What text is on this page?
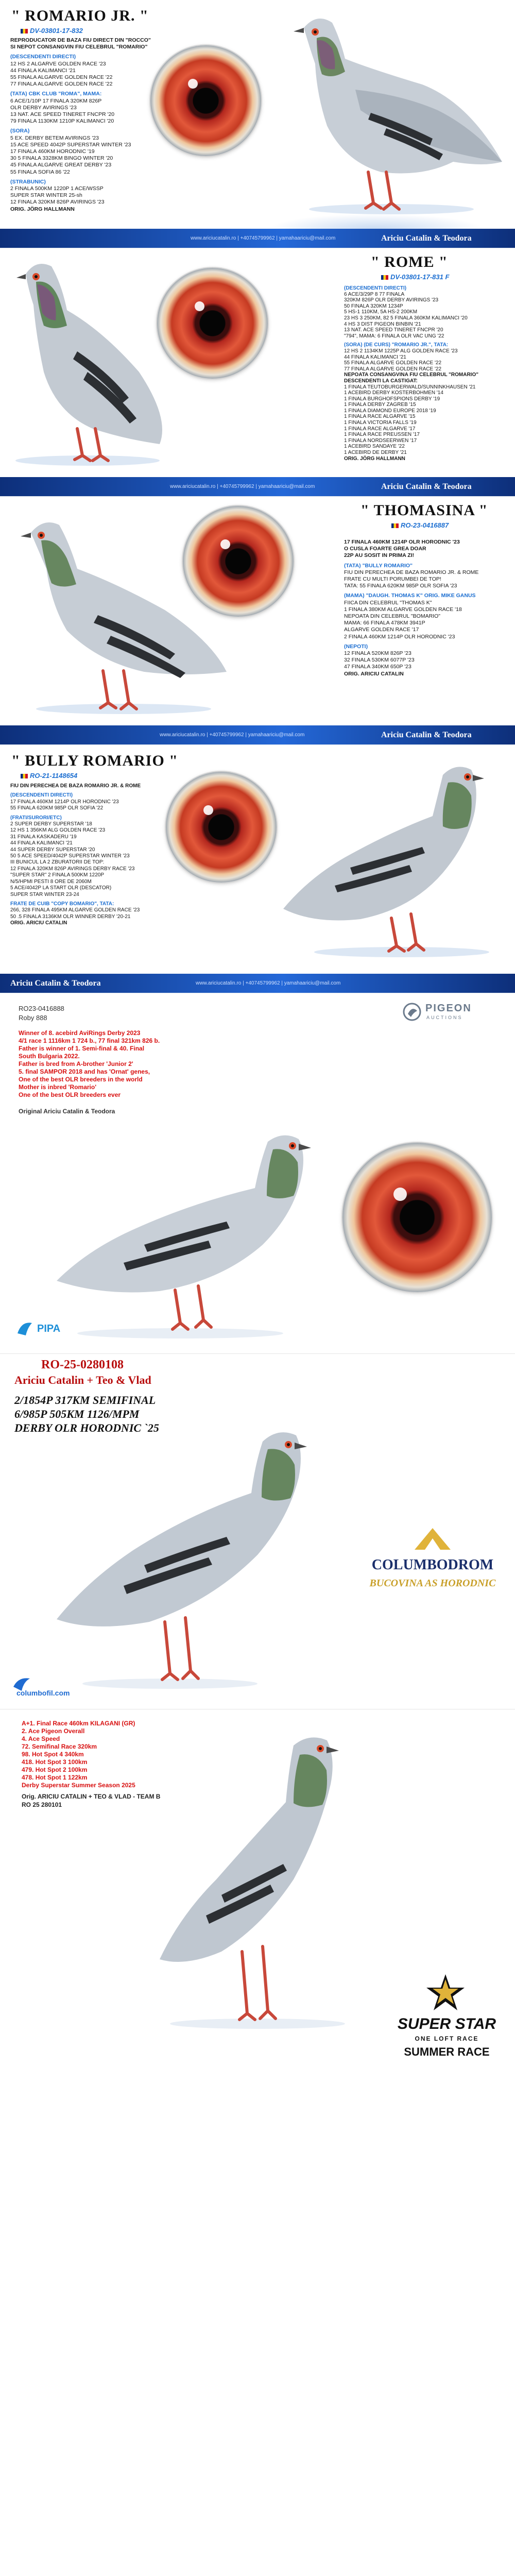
" ROMARIO JR. "
DV-03801-17-832
REPRODUCATOR DE BAZA FIU DIRECT DIN "ROCCO"
SI NEPOT CONSANGVIN FIU CELEBRUL "ROMARIO"
(DESCENDENTI DIRECTI)
12 HS 2 ALGARVE GOLDEN RACE '23
44 FINALA KALIMANCI '21
55 FINALA ALGARVE GOLDEN RACE '22
77 FINALA ALGARVE GOLDEN RACE '22
(TATA) CBK CLUB "ROMA", MAMA:
6 ACE/1/10P 17 FINALA 320KM 826P
OLR DERBY AVIRINGS '23
13 NAT. ACE SPEED TINERET FNCPR '20
79 FINALA 1130KM 1210P KALIMANCI '20
(SORA)
5 EX. DERBY BETEM AVIRINGS '23
15 ACE SPEED 4042P SUPERSTAR WINTER '23
17 FINALA 460KM HORODNIC '19
30 5 FINALA 3328KM BINGO WINTER '20
45 FINALA ALGARVE GREAT DERBY '23
55 FINALA SOFIA 86 '22
(STRABUNIC)
2 FINALA 500KM 1220P 1 ACE/WSSP
SUPER STAR WINTER 25-sh
12 FINALA 320KM 826P AVIRINGS '23
ORIG. JÖRG HALLMANN
www.ariciucatalin.ro | +40745799962 | yamahaariciu@mail.com	Ariciu Catalin & Teodora
" ROME "
DV-03801-17-831 F
(DESCENDENTI DIRECTI)
6 ACE/3/29P 8 77 FINALA
320KM 826P OLR DERBY AVIRINGS '23
50 FINALA 320KM 1234P
5 HS-1 110KM, 5A HS-2 200KM
23 HS 3 250KM, 82 5 FINALA 360KM KALIMANCI '20
4 HS 3 DIST PIGEON BINBIN '21
13 NAT. ACE SPEED TINERET FNCPR '20
"794", MAMA: 6 FINALA OLR VAC UNG '22
(SORA) (DE CURS) "ROMARIO JR.", TATA:
12 HS 2 1134KM 1225P ALG GOLDEN RACE '23
44 FINALA KALIMANCI '21
55 FINALA ALGARVE GOLDEN RACE '22
77 FINALA ALGARVE GOLDEN RACE '22
NEPOATA CONSANGVINA FIU CELEBRUL "ROMARIO"
DESCENDENTI LA CASTIGAT:
1 FINALA TEUTOBURGERWALD/SUNNINKHAUSEN '21
1 ACEBIRD DERBY KOSTERBOHMEN '14
1 FINALA BURGHOFSPIONS DERBY '19
1 FINALA DERBY ZAGREB '15
1 FINALA DIAMOND EUROPE 2018 '19
1 FINALA RACE ALGARVE '15
1 FINALA VICTORIA FALLS '19
1 FINALA RACE ALGARVE '17
1 FINALA RACE PREUSSEN '17
1 FINALA NORDSEERWEN '17
1 ACEBIRD SANDAYE '22
1 ACEBIRD DE DERBY '21
ORIG. JÖRG HALLMANN
www.ariciucatalin.ro | +40745799962 | yamahaariciu@mail.com	Ariciu Catalin & Teodora
" THOMASINA "
RO-23-0416887
17 FINALA 460KM 1214P OLR HORODNIC '23
O CUSLA FOARTE GREA DOAR
22P AU SOSIT IN PRIMA ZI!
(TATA) "BULLY ROMARIO"
FIU DIN PERECHEA DE BAZA ROMARIO JR. & ROME
FRATE CU MULTI PORUMBEI DE TOP!
TATA: 55 FINALA 620KM 985P OLR SOFIA '23
(MAMA) "DAUGH. THOMAS K" ORIG. MIKE GANUS
FIICA DIN CELEBRUL "THOMAS K"
1 FINALA 380KM ALGARVE GOLDEN RACE '18
NEPOATA DIN CELEBRUL "BOMARIO"
MAMA: 66 FINALA 478KM 3941P
ALGARVE GOLDEN RACE '17
2 FINALA 460KM 1214P OLR HORODNIC '23
(NEPOTI)
12 FINALA 520KM 826P '23
32 FINALA 530KM 6077P '23
47 FINALA 340KM 650P '23
ORIG. ARICIU CATALIN
www.ariciucatalin.ro | +40745799962 | yamahaariciu@mail.com	Ariciu Catalin & Teodora
" BULLY ROMARIO "
RO-21-1148654
FIU DIN PERECHEA DE BAZA ROMARIO JR. & ROME
(DESCENDENTI DIRECTI)
17 FINALA 460KM 1214P OLR HORODNIC '23
55 FINALA 620KM 985P OLR SOFIA '22
(FRATI/SURORI/ETC)
2 SUPER DERBY SUPERSTAR '18
12 HS 1 356KM ALG GOLDEN RACE '23
31 FINALA KASKADERU '19
44 FINALA KALIMANCI '21
44 SUPER DERBY SUPERSTAR '20
50 5 ACE SPEED/4042P SUPERSTAR WINTER '23
III BUNICUL LA 2 ZBURATORII DE TOP:
12 FINALA 320KM 826P AVIRINGS DERBY RACE '23
"SUPER STAR" 2 FINALA 500KM 1220P
N/5/HPMI PESTI 8 ORE DE 2060M
5 ACE/4042P LA START OLR (DESCATOR)
SUPER STAR WINTER 23-24
FRATE DE CUIB "COPY BOMARIO", TATA:
266, 328 FINALA 495KM ALGARVE GOLDEN RACE '23
50 .5 FINALA 3136KM OLR WINNER DERBY '20-21
ORIG. ARICIU CATALIN
Ariciu Catalin & Teodora	www.ariciucatalin.ro | +40745799962 | yamahaariciu@mail.com
RO23-0416888
Roby 888
Winner of 8. acebird AviRings Derby 2023
4/1 race 1 1116km 1 724 b., 77 final 321km 826 b.
Father is winner of 1. Semi-final & 40. Final
South Bulgaria 2022.
Father is bred from A-brother 'Junior 2'
5. final SAMPOR 2018 and has 'Ornat' genes,
One of the best OLR breeders in the world
Mother is inbred 'Romario'
One of the best OLR breeders ever
Original Ariciu Catalin & Teodora
PIGEON
AUCTIONS
PIPA
RO-25-0280108
Ariciu Catalin + Teo & Vlad
2/1854P 317KM SEMIFINAL
6/985P 505KM 1126/MPM
DERBY OLR HORODNIC `25
COLUMBODROM
BUCOVINA AS HORODNIC
columbofil.com
A+1. Final Race 460km KILAGANI (GR)
2. Ace Pigeon Overall
4. Ace Speed
72. Semifinal Race 320km
98. Hot Spot 4 340km
418. Hot Spot 3 100km
479. Hot Spot 2 100km
478. Hot Spot 1 122km
Derby Superstar Summer Season 2025
Orig. ARICIU CATALIN + TEO & VLAD - TEAM B
RO 25 280101
SUPER STAR
ONE LOFT RACE
SUMMER RACE
